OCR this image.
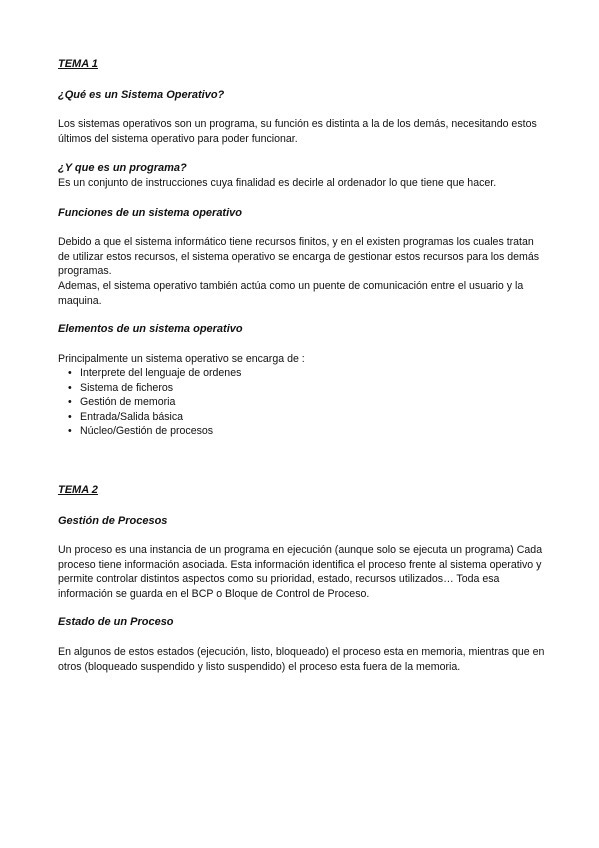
TEMA 1
¿Qué es un Sistema Operativo?

Los sistemas operativos son un programa, su función es distinta a la de los demás, necesitando estos últimos del sistema operativo para poder funcionar.

¿Y que es un programa?

Es un conjunto de instrucciones cuya finalidad es decirle al ordenador lo que tiene que hacer.

Funciones de un sistema operativo

Debido a que el sistema informático tiene recursos finitos, y en el existen programas los cuales tratan de utilizar estos recursos, el sistema operativo se encarga de gestionar estos recursos para los demás programas.

Ademas, el sistema operativo también actúa como un puente de comunicación entre el usuario y la maquina.

Elementos de un sistema operativo

Principalmente un sistema operativo se encarga de :

• Interprete del lenguaje de ordenes
• Sistema de ficheros
• Gestión de memoria
• Entrada/Salida básica
• Núcleo/Gestión de procesos
TEMA 2
Gestión de Procesos

Un proceso es una instancia de un programa en ejecución (aunque solo se ejecuta un programa) Cada proceso tiene información asociada. Esta información identifica el proceso frente al sistema operativo y permite controlar distintos aspectos como su prioridad, estado, recursos utilizados… Toda esa información se guarda en el BCP o Bloque de Control de Proceso.

Estado de un Proceso

En algunos de estos estados (ejecución, listo, bloqueado) el proceso esta en memoria, mientras que en otros (bloqueado suspendido y listo suspendido) el proceso esta fuera de la memoria.
